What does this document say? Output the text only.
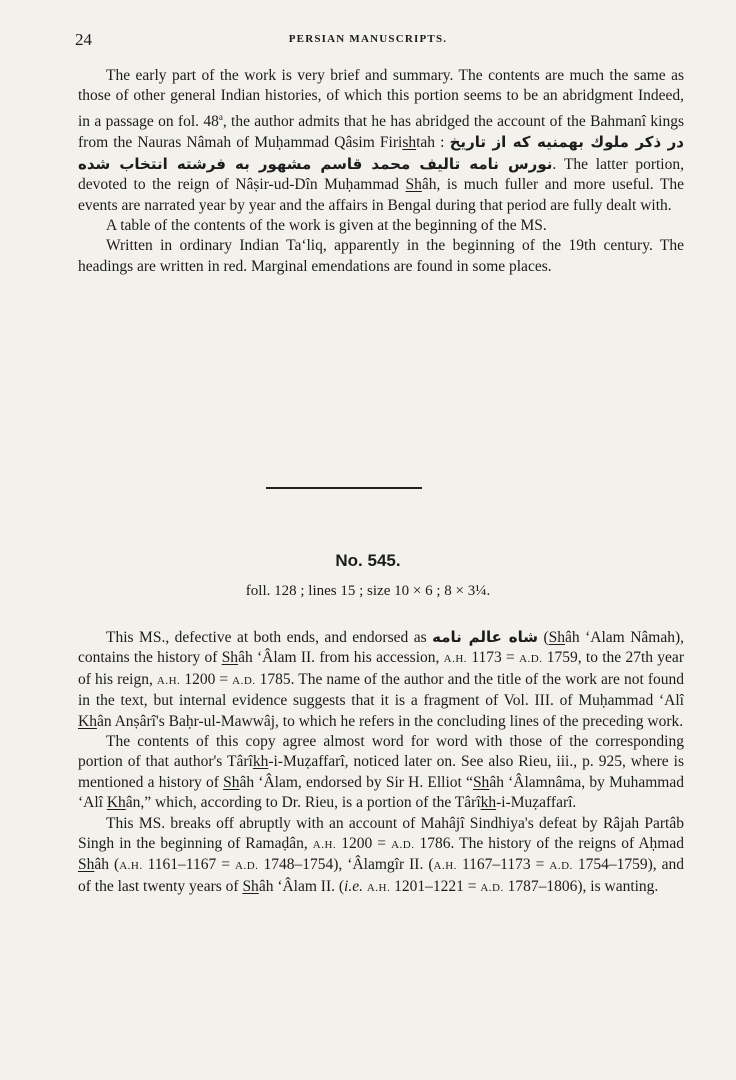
24	PERSIAN MANUSCRIPTS.

The early part of the work is very brief and summary. The contents are much the same as those of other general Indian histories, of which this portion seems to be an abridgment Indeed, in a passage on fol. 48$^a$, the author admits that he has abridged the account of the Bahmanî kings from the Nauras Nâmah of Muḥammad Qâsim Firishtah : در ذکر ملوك بهمنیه که از تاریخ نورس نامه تالیف محمد قاسم مشهور به فرشته انتخاب شده. The latter portion, devoted to the reign of Nâṣir-ud-Dîn Muḥammad Shâh, is much fuller and more useful. The events are narrated year by year and the affairs in Bengal during that period are fully dealt with.

A table of the contents of the work is given at the beginning of the MS.

Written in ordinary Indian Ta‘liq, apparently in the beginning of the 19th century. The headings are written in red. Marginal emendations are found in some places.

No. 545.
foll. 128 ; lines 15 ; size 10 × 6 ; 8 × 3¼.

This MS., defective at both ends, and endorsed as شاه عالم نامه (Shâh ‘Alam Nâmah), contains the history of Shâh ‘Âlam II. from his accession, A.H. 1173 = A.D. 1759, to the 27th year of his reign, A.H. 1200 = A.D. 1785. The name of the author and the title of the work are not found in the text, but internal evidence suggests that it is a fragment of Vol. III. of Muḥammad ‘Alî Khân Anṣârî's Baḥr-ul-Mawwâj, to which he refers in the concluding lines of the preceding work.

The contents of this copy agree almost word for word with those of the corresponding portion of that author's Târîkh-i-Muẓaffarî, noticed later on. See also Rieu, iii., p. 925, where is mentioned a history of Shâh ‘Âlam, endorsed by Sir H. Elliot “Shâh ‘Âlamnâma, by Muhammad ‘Alî Khân,” which, according to Dr. Rieu, is a portion of the Târîkh-i-Muẓaffarî.

This MS. breaks off abruptly with an account of Mahâjî Sindhiya's defeat by Râjah Partâb Singh in the beginning of Ramaḍân, A.H. 1200 = A.D. 1786. The history of the reigns of Aḥmad Shâh (A.H. 1161–1167 = A.D. 1748–1754), ‘Âlamgîr II. (A.H. 1167–1173 = A.D. 1754–1759), and of the last twenty years of Shâh ‘Âlam II. (i.e. A.H. 1201–1221 = A.D. 1787–1806), is wanting.
